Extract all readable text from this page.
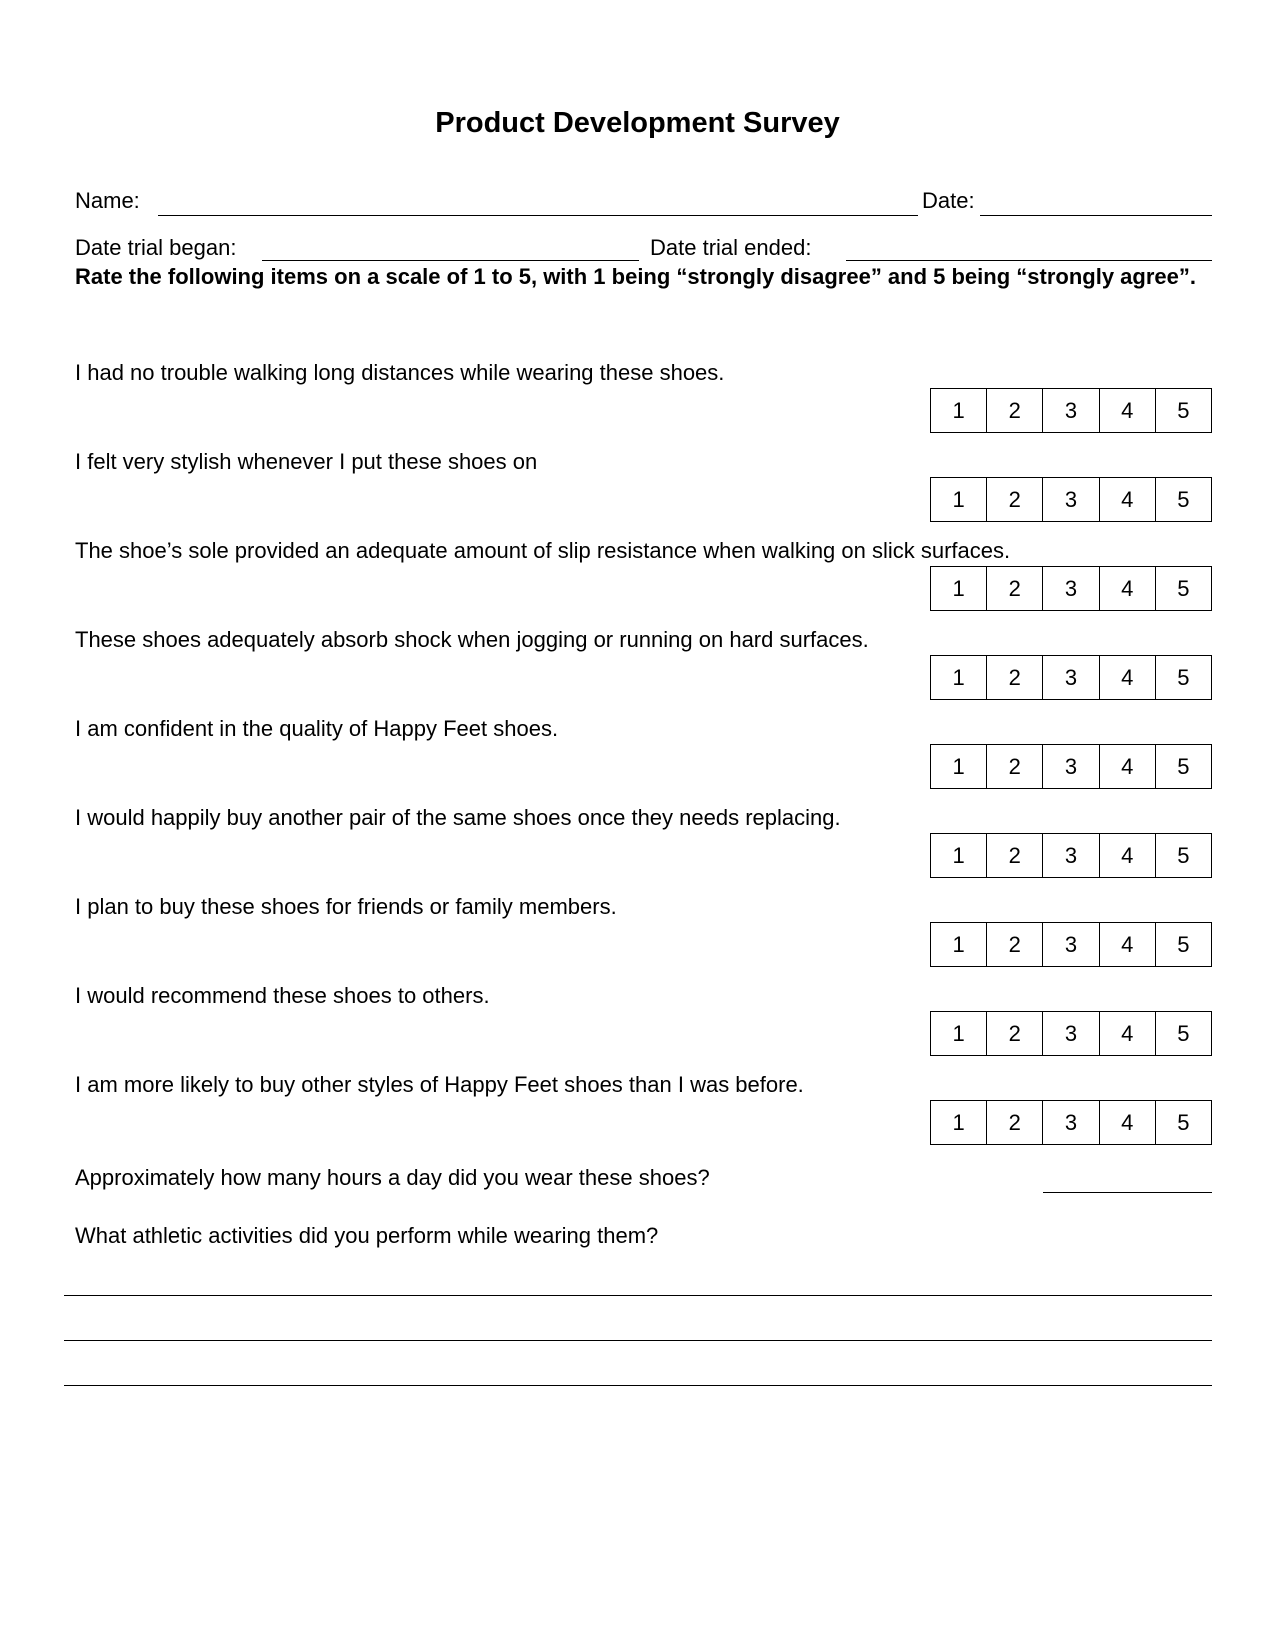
Product Development Survey
Name:	Date:
Date trial began:	Date trial ended:
Rate the following items on a scale of 1 to 5, with 1 being “strongly disagree” and 5 being “strongly agree”.
I had no trouble walking long distances while wearing these shoes.
1	2	3	4	5
I felt very stylish whenever I put these shoes on
1	2	3	4	5
The shoe’s sole provided an adequate amount of slip resistance when walking on slick surfaces.
1	2	3	4	5
These shoes adequately absorb shock when jogging or running on hard surfaces.
1	2	3	4	5
I am confident in the quality of Happy Feet shoes.
1	2	3	4	5
I would happily buy another pair of the same shoes once they needs replacing.
1	2	3	4	5
I plan to buy these shoes for friends or family members.
1	2	3	4	5
I would recommend these shoes to others.
1	2	3	4	5
I am more likely to buy other styles of Happy Feet shoes than I was before.
1	2	3	4	5
Approximately how many hours a day did you wear these shoes?
What athletic activities did you perform while wearing them?
